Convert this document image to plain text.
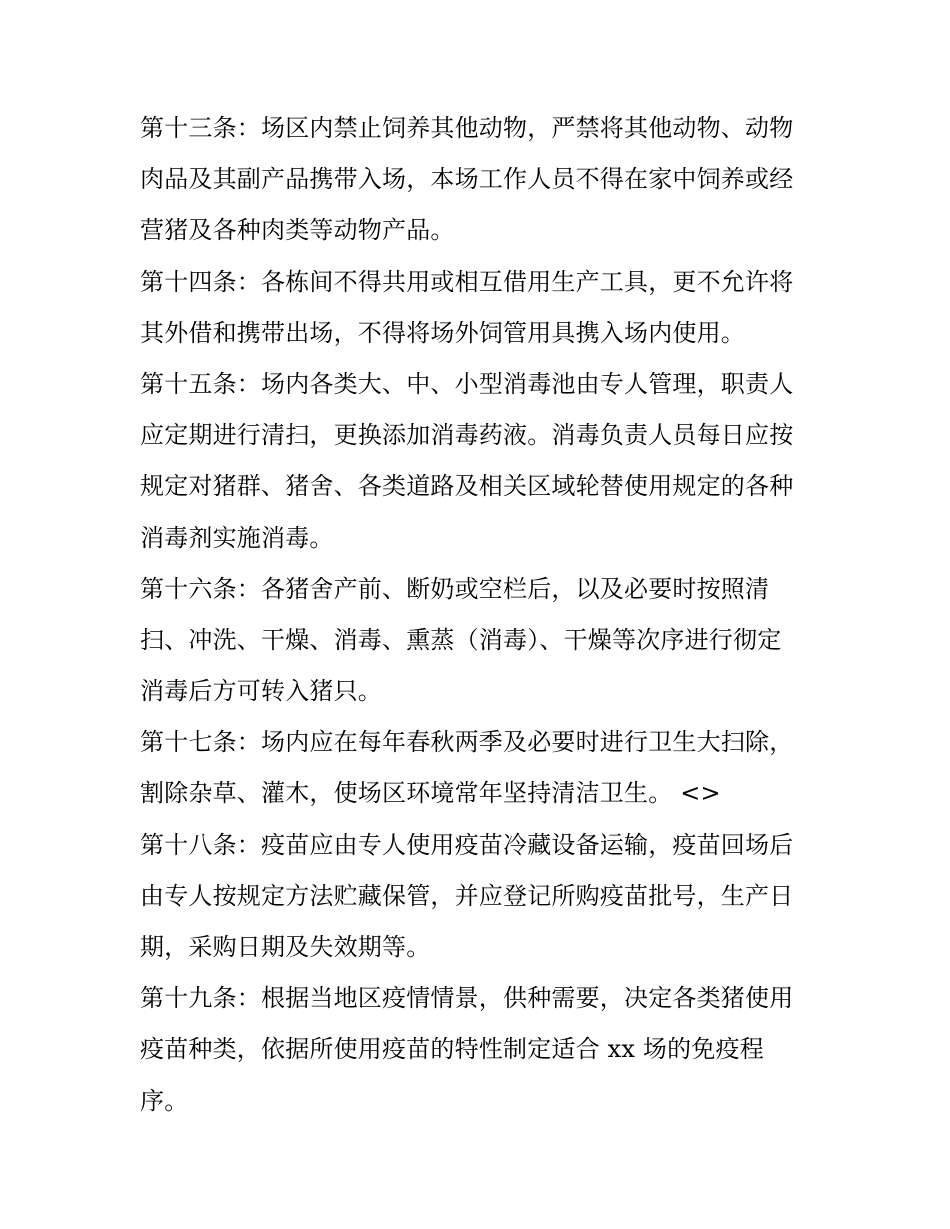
第十三条：场区内禁止饲养其他动物，严禁将其他动物、动物
肉品及其副产品携带入场，本场工作人员不得在家中饲养或经
营猪及各种肉类等动物产品。
第十四条：各栋间不得共用或相互借用生产工具，更不允许将
其外借和携带出场，不得将场外饲管用具携入场内使用。
第十五条：场内各类大、中、小型消毒池由专人管理，职责人
应定期进行清扫，更换添加消毒药液。消毒负责人员每日应按
规定对猪群、猪舍、各类道路及相关区域轮替使用规定的各种
消毒剂实施消毒。
第十六条：各猪舍产前、断奶或空栏后，以及必要时按照清
扫、冲洗、干燥、消毒、熏蒸（消毒）、干燥等次序进行彻定
消毒后方可转入猪只。
第十七条：场内应在每年春秋两季及必要时进行卫生大扫除，
割除杂草、灌木，使场区环境常年坚持清洁卫生。 <>
第十八条：疫苗应由专人使用疫苗冷藏设备运输，疫苗回场后
由专人按规定方法贮藏保管，并应登记所购疫苗批号，生产日
期，采购日期及失效期等。
第十九条：根据当地区疫情情景，供种需要，决定各类猪使用
疫苗种类，依据所使用疫苗的特性制定适合 xx 场的免疫程
序。
